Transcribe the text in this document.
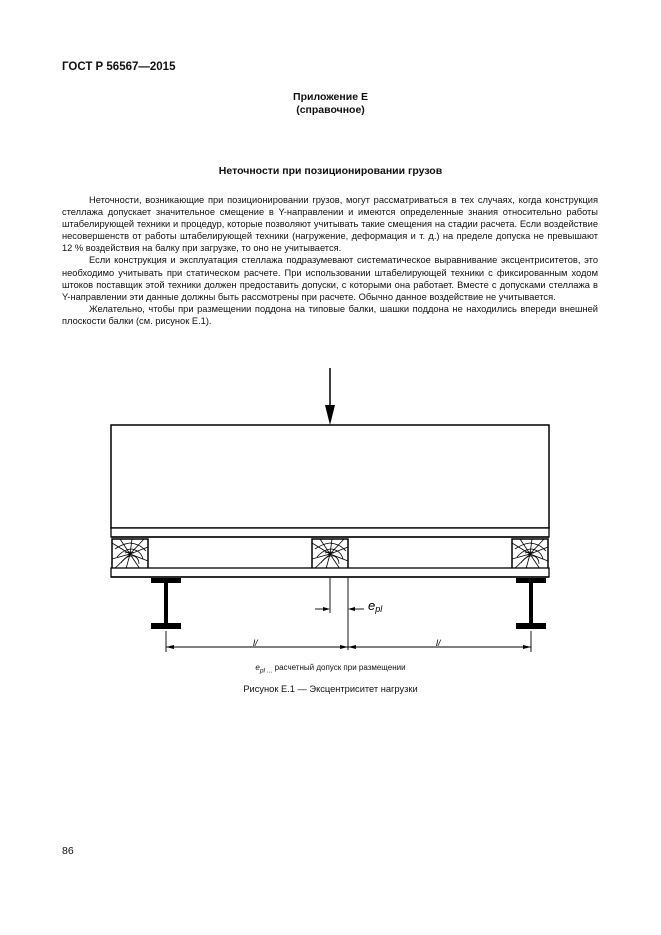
ГОСТ Р 56567—2015
Приложение Е
(справочное)
Неточности при позиционировании грузов

Неточности, возникающие при позиционировании грузов, могут рассматриваться в тех случаях, когда конструкция стеллажа допускает значительное смещение в Y-направлении и имеются определенные знания относительно работы штабелирующей техники и процедур, которые позволяют учитывать такие смещения на стадии расчета. Если воздействие несовершенств от работы штабелирующей техники (нагружение, деформация и т. д.) на пределе допуска не превышают 12 % воздействия на балку при загрузке, то оно не учитывается.

Если конструкция и эксплуатация стеллажа подразумевают систематическое выравнивание эксцентриситетов, это необходимо учитывать при статическом расчете. При использовании штабелирующей техники с фиксированным ходом штоков поставщик этой техники должен предоставить допуски, с которыми она работает. Вместе с допусками стеллажа в Y-направлении эти данные должны быть рассмотрены при расчете. Обычно данное воздействие не учитывается.

Желательно, чтобы при размещении поддона на типовые балки, шашки поддона не находились впереди внешней плоскости балки (см. рисунок Е.1).

epl
l/	l/
$e_{pl ...}$ расчетный допуск при размещении
Рисунок Е.1 — Эксцентриситет нагрузки
86
